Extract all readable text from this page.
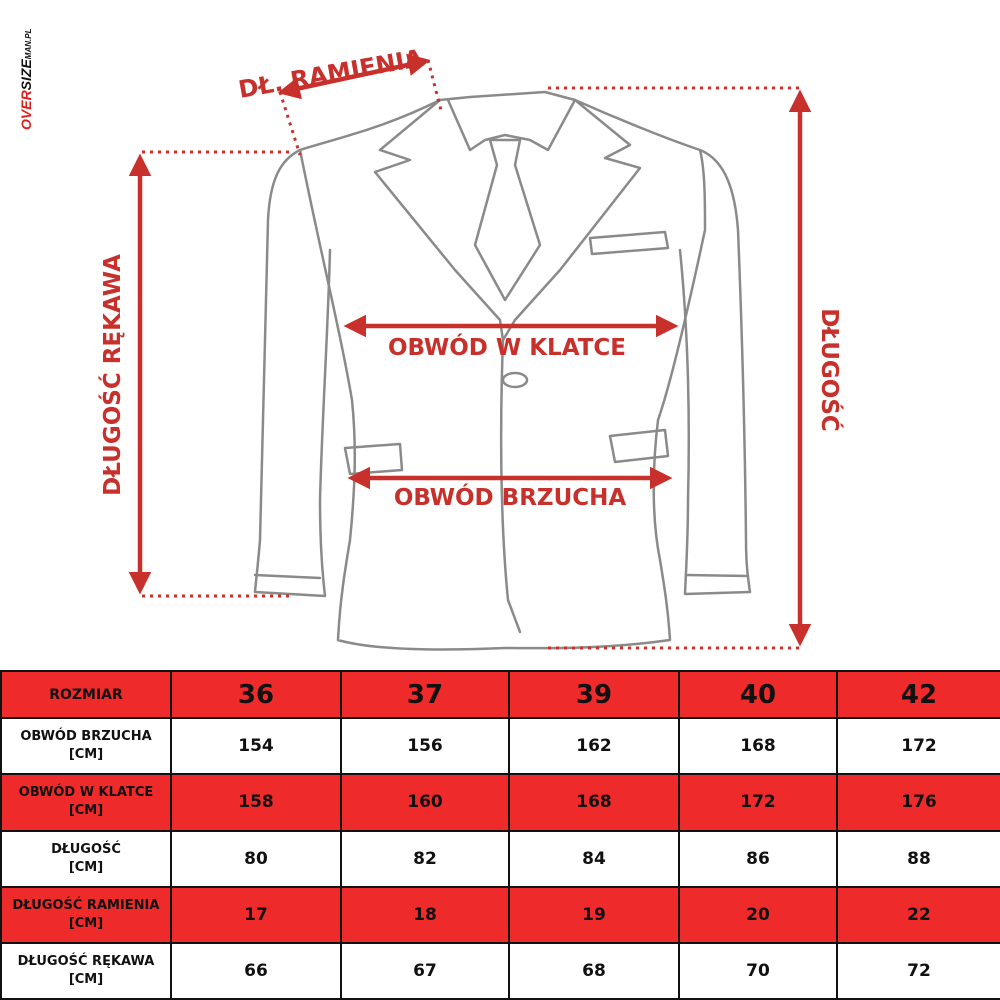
OVERSIZEMAN.PL
DŁ. RAMIENIA
OBWÓD W KLATCE
OBWÓD BRZUCHA
DŁUGOŚĆ RĘKAWA	DŁUGOŚĆ
ROZMIAR	36	37	39	40	42

OBWÓD BRZUCHA
[CM]	154	156	162	168	172

OBWÓD W KLATCE
[CM]	158	160	168	172	176

DŁUGOŚĆ
[CM]	80	82	84	86	88

DŁUGOŚĆ RAMIENIA
[CM]	17	18	19	20	22

DŁUGOŚĆ RĘKAWA
[CM]	66	67	68	70	72
